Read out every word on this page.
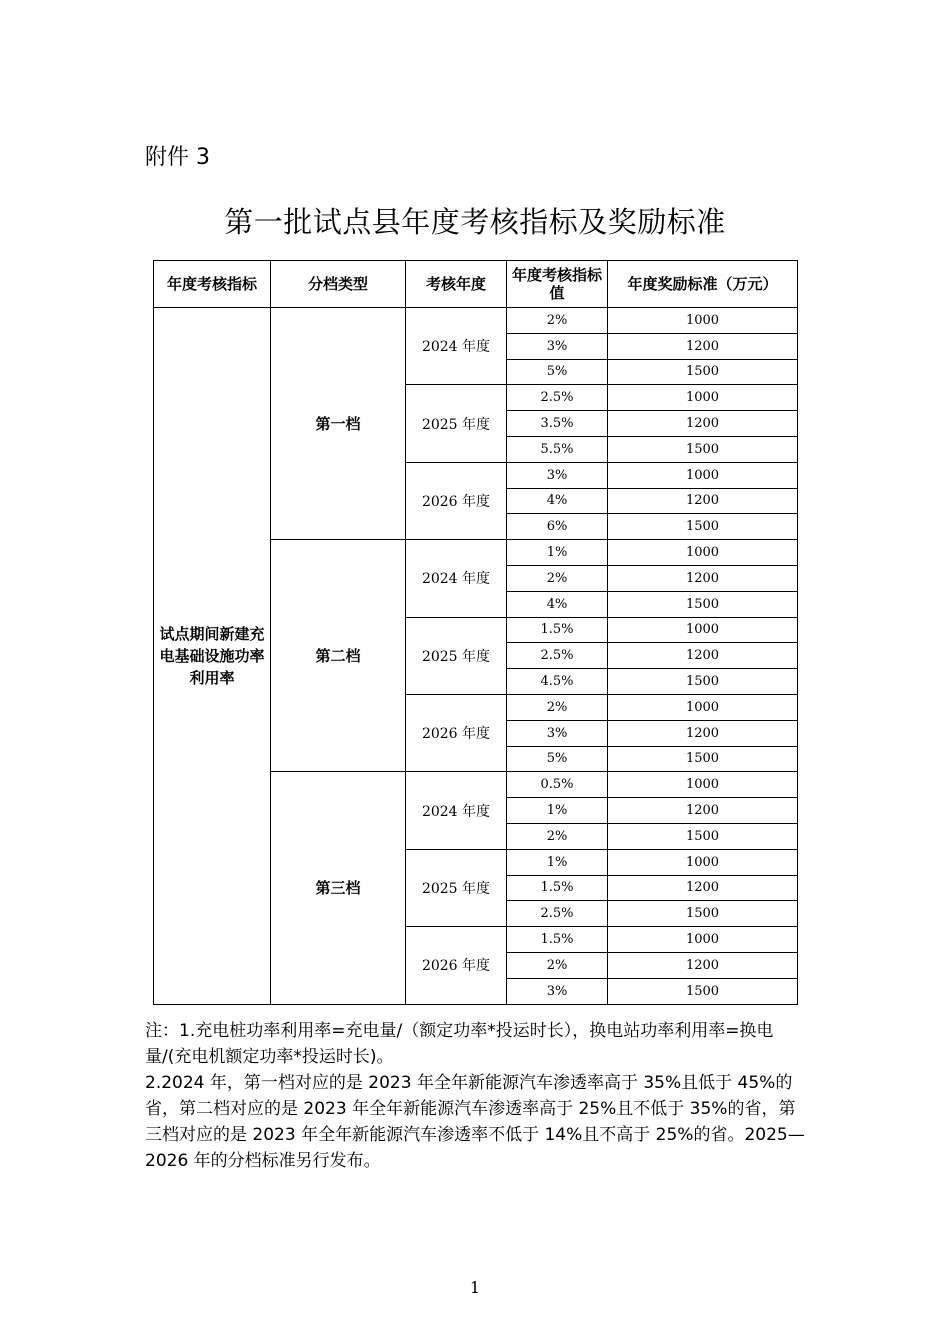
附件 3
第一批试点县年度考核指标及奖励标准
年度考核指标	分档类型	考核年度	年度考核指标值	年度奖励标准（万元）
试点期间新建充电基础设施功率利用率	第一档	2024 年度	2%	1000
			3%	1200
			5%	1500
		2025 年度	2.5%	1000
			3.5%	1200
			5.5%	1500
		2026 年度	3%	1000
			4%	1200
			6%	1500
	第二档	2024 年度	1%	1000
			2%	1200
			4%	1500
		2025 年度	1.5%	1000
			2.5%	1200
			4.5%	1500
		2026 年度	2%	1000
			3%	1200
			5%	1500
	第三档	2024 年度	0.5%	1000
			1%	1200
			2%	1500
		2025 年度	1%	1000
			1.5%	1200
			2.5%	1500
		2026 年度	1.5%	1000
			2%	1200
			3%	1500

注：1.充电桩功率利用率=充电量/（额定功率*投运时长），换电站功率利用率=换电量/(充电机额定功率*投运时长)。

2.2024 年，第一档对应的是 2023 年全年新能源汽车渗透率高于 35%且低于 45%的省，第二档对应的是 2023 年全年新能源汽车渗透率高于 25%且不低于 35%的省，第三档对应的是 2023 年全年新能源汽车渗透率不低于 14%且不高于 25%的省。2025—2026 年的分档标准另行发布。

1
